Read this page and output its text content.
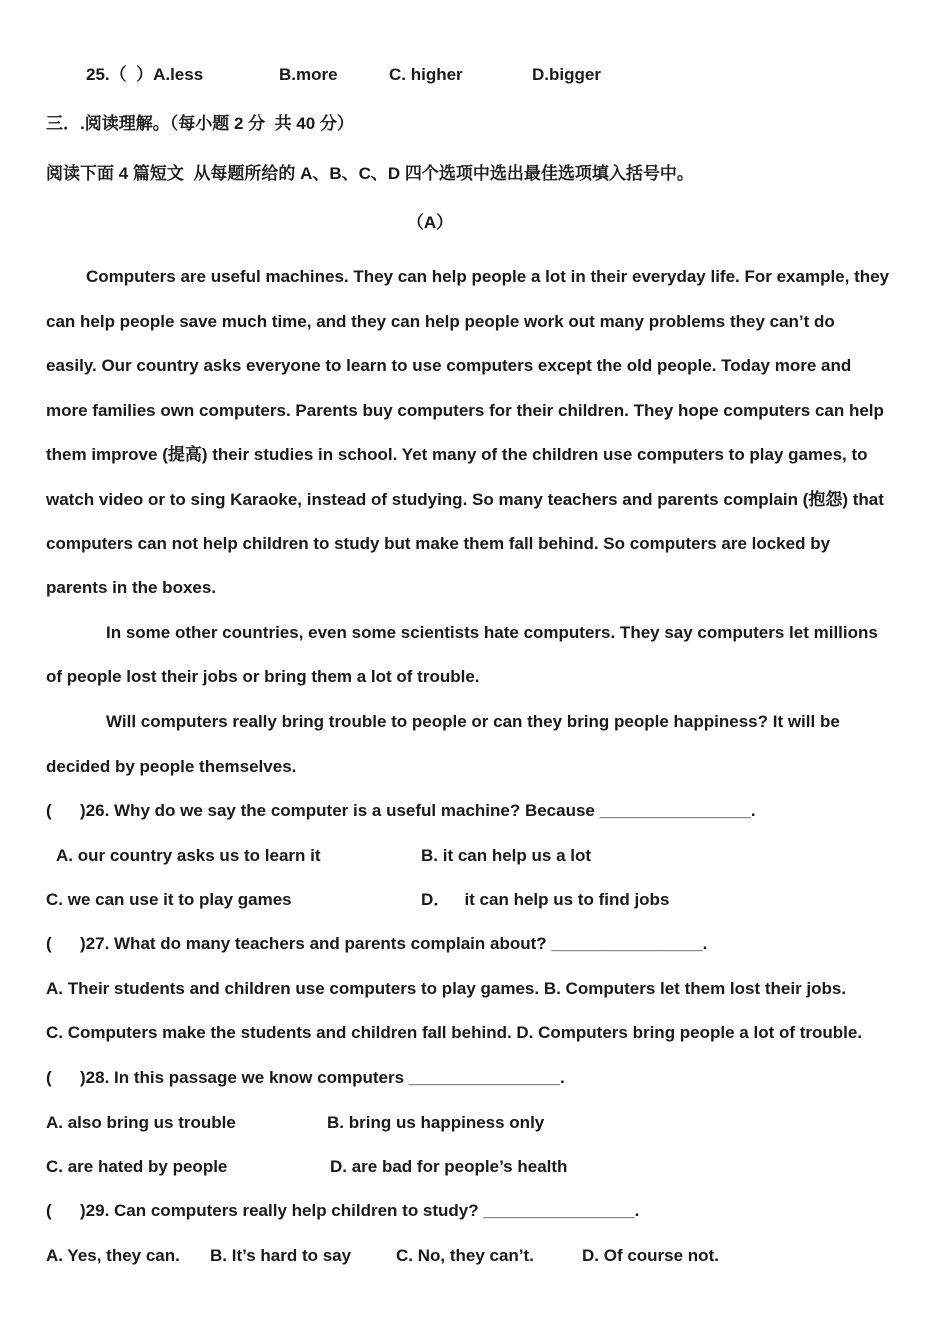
25.（  ）A.less	B.more	C. higher	D.bigger
三．.阅读理解。（每小题 2 分  共 40 分）
阅读下面 4 篇短文  从每题所给的 A、B、C、D 四个选项中选出最佳选项填入括号中。
（A）
Computers are useful machines. They can help people a lot in their everyday life. For example, they
can help people save much time, and they can help people work out many problems they can’t do
easily. Our country asks everyone to learn to use computers except the old people. Today more and
more families own computers. Parents buy computers for their children. They hope computers can help
them improve (提高) their studies in school. Yet many of the children use computers to play games, to
watch video or to sing Karaoke, instead of studying. So many teachers and parents complain (抱怨) that
computers can not help children to study but make them fall behind. So computers are locked by
parents in the boxes.
In some other countries, even some scientists hate computers. They say computers let millions
of people lost their jobs or bring them a lot of trouble.
Will computers really bring trouble to people or can they bring people happiness? It will be
decided by people themselves.
(      )26. Why do we say the computer is a useful machine? Because ________________.
A. our country asks us to learn it	B. it can help us a lot
C. we can use it to play games	D．   it can help us to find jobs
(      )27. What do many teachers and parents complain about? ________________.
A. Their students and children use computers to play games. B. Computers let them lost their jobs.
C. Computers make the students and children fall behind. D. Computers bring people a lot of trouble.
(      )28. In this passage we know computers ________________.
A. also bring us trouble	B. bring us happiness only
C. are hated by people	D. are bad for people’s health
(      )29. Can computers really help children to study? ________________.
A. Yes, they can. B. It’s hard to say	C. No, they can’t.	D. Of course not.
